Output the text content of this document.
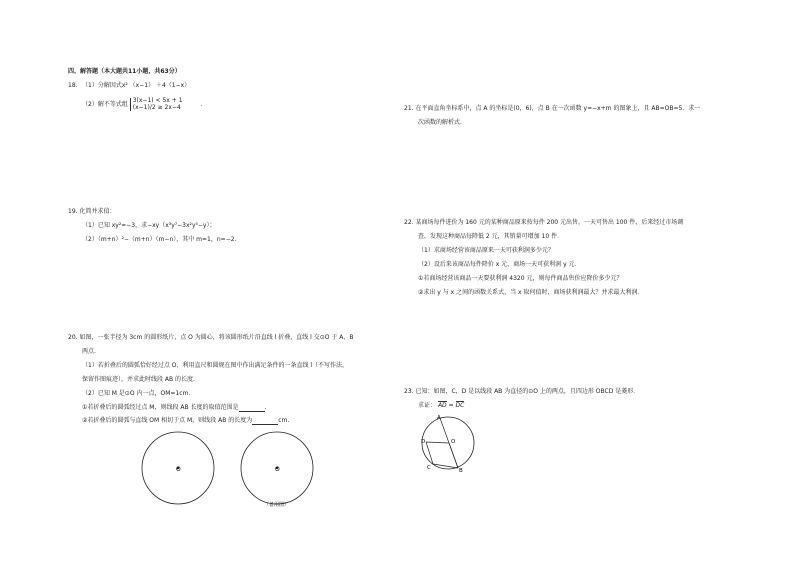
四、解答题（本大题共11小题，共63分）
18. （1）分解因式x² （x−1） ＋4（1−x）
（2）解不等式组
3(x−1) < 5x + 1
(x−1)/2 ≥ 2x−4	.
19. 化简并求值：
（1）已知 xy²=−3，求−xy（x³y⁷−3x²y⁵−y）；
（2）（m+n）²−（m+n）（m−n），其中 m=1，n=−2.
20. 如图，一张半径为 3cm 的圆形纸片，点 O 为圆心，将该圆形纸片沿直线 l 折叠，直线 l 交⊙O 于 A、B
两点.
（1）若折叠后的圆弧恰好经过点 O，利用直尺和圆规在图中作出满足条件的一条直线 l（不写作法，
保留作图痕迹），并求此时线段 AB 的长度.
（2）已知 M 是⊙O 内一点，OM=1cm.
①若折叠后的圆弧经过点 M，则线段 AB 长度的取值范围是	.
②若折叠后的圆弧与直线 OM 相切于点 M，则线段 AB 的长度为	cm.
O	O
（备用图）
21. 在平面直角坐标系中，点 A 的坐标是(0，6)，点 B 在一次函数 y=−x+m 的图象上，且 AB=OB=5．求一
次函数的解析式．
22. 某商场每件进价为 160 元的某种商品原来按每件 200 元出售，一天可售出 100 件，后来经过市场调
查，发现这种商品每降低 2 元，其销量可增加 10 件．
（1）求商场经营该商品原来一天可获利润多少元？
（2）设后来该商品每件降价 x 元，商场一天可获利润 y 元．
①若商场经营该商品一天要获利润 4320 元，则每件商品售价应降价多少元？
②求出 y 与 x 之间的函数关系式，当 x 取何值时，商场获利润最大？并求最大利润．
23. 已知：如图，C，D 是以线段 AB 为直径的⊙O 上的两点，且四边形 OBCD 是菱形．
求证： AD = DC
A
D	O
C	B
